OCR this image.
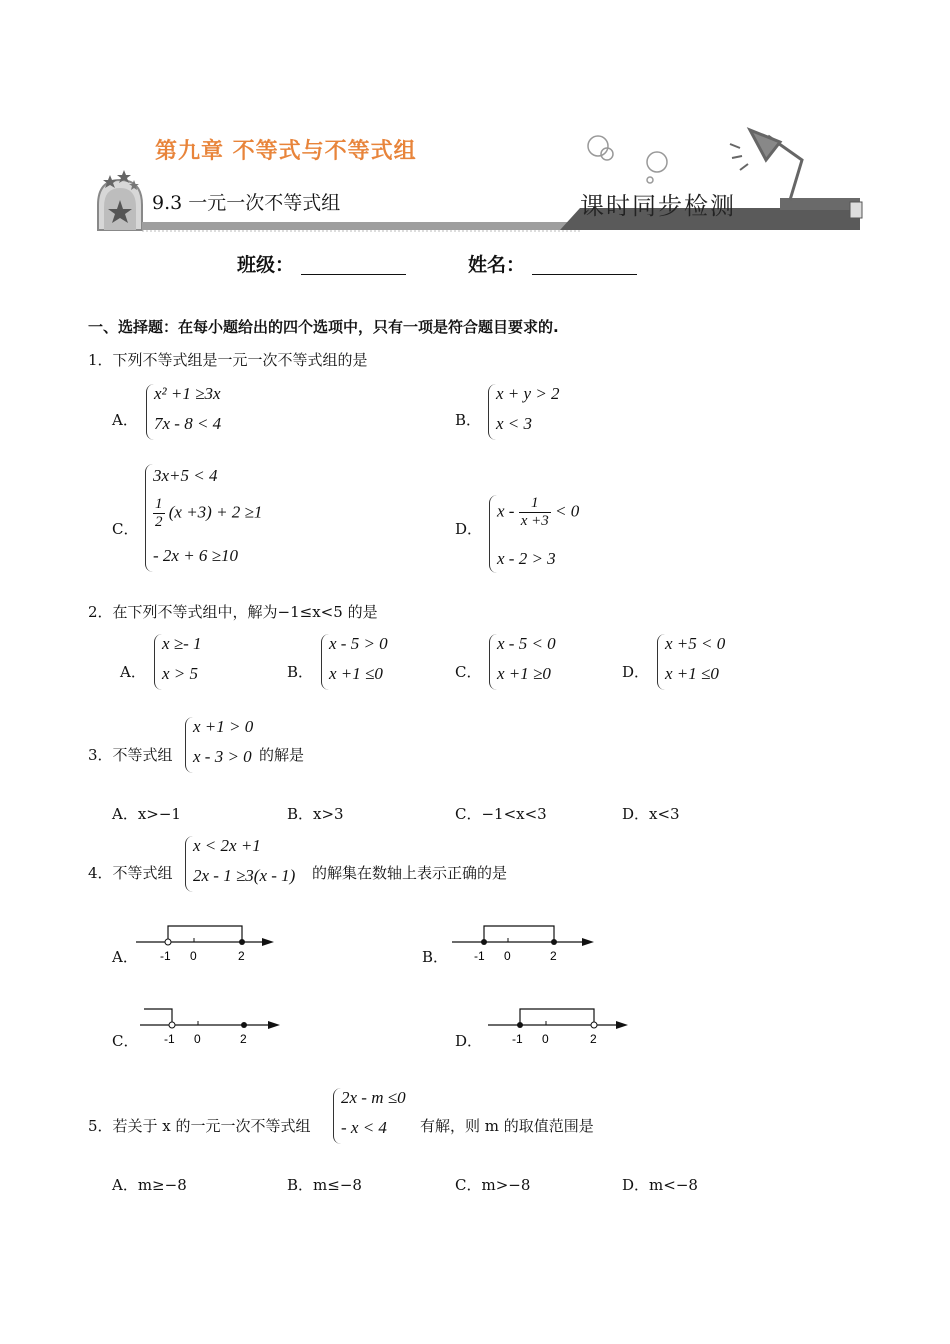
第九章 不等式与不等式组
9.3 一元一次不等式组	课时同步检测
班级：	姓名：
一、选择题：在每小题给出的四个选项中，只有一项是符合题目要求的.
1．下列不等式组是一元一次不等式组的是
A．
x² +1 ≥3x
7x - 8 < 4	B．
x + y > 2
x < 3
C．
3x+5 < 4
$\frac{1}{2} (x +3) + 2 \ge 1$
- 2x + 6 ≥10
D．
$x - \frac{1}{x +3} < 0$
x - 2 > 3
2．在下列不等式组中，解为−1≤x<5 的是
A．
x ≥- 1
x > 5	B．
x - 5 > 0
x +1 ≤0	C．
x - 5 < 0
x +1 ≥0	D．
x +5 < 0
x +1 ≤0
3．不等式组
x +1 > 0
x - 3 > 0 的解是
A．x>−1	B．x>3	C．−1<x<3	D．x<3
4．不等式组
x < 2x +1
2x - 1 ≥3(x - 1) 的解集在数轴上表示正确的是
A． -1 0	2	B． -1 0	2
C． -1 0	2	D． -1 0	2
5．若关于 x 的一元一次不等式组
2x - m ≤0
- x < 4 有解，则 m 的取值范围是
A．m≥−8	B．m≤−8	C．m>−8	D．m<−8
